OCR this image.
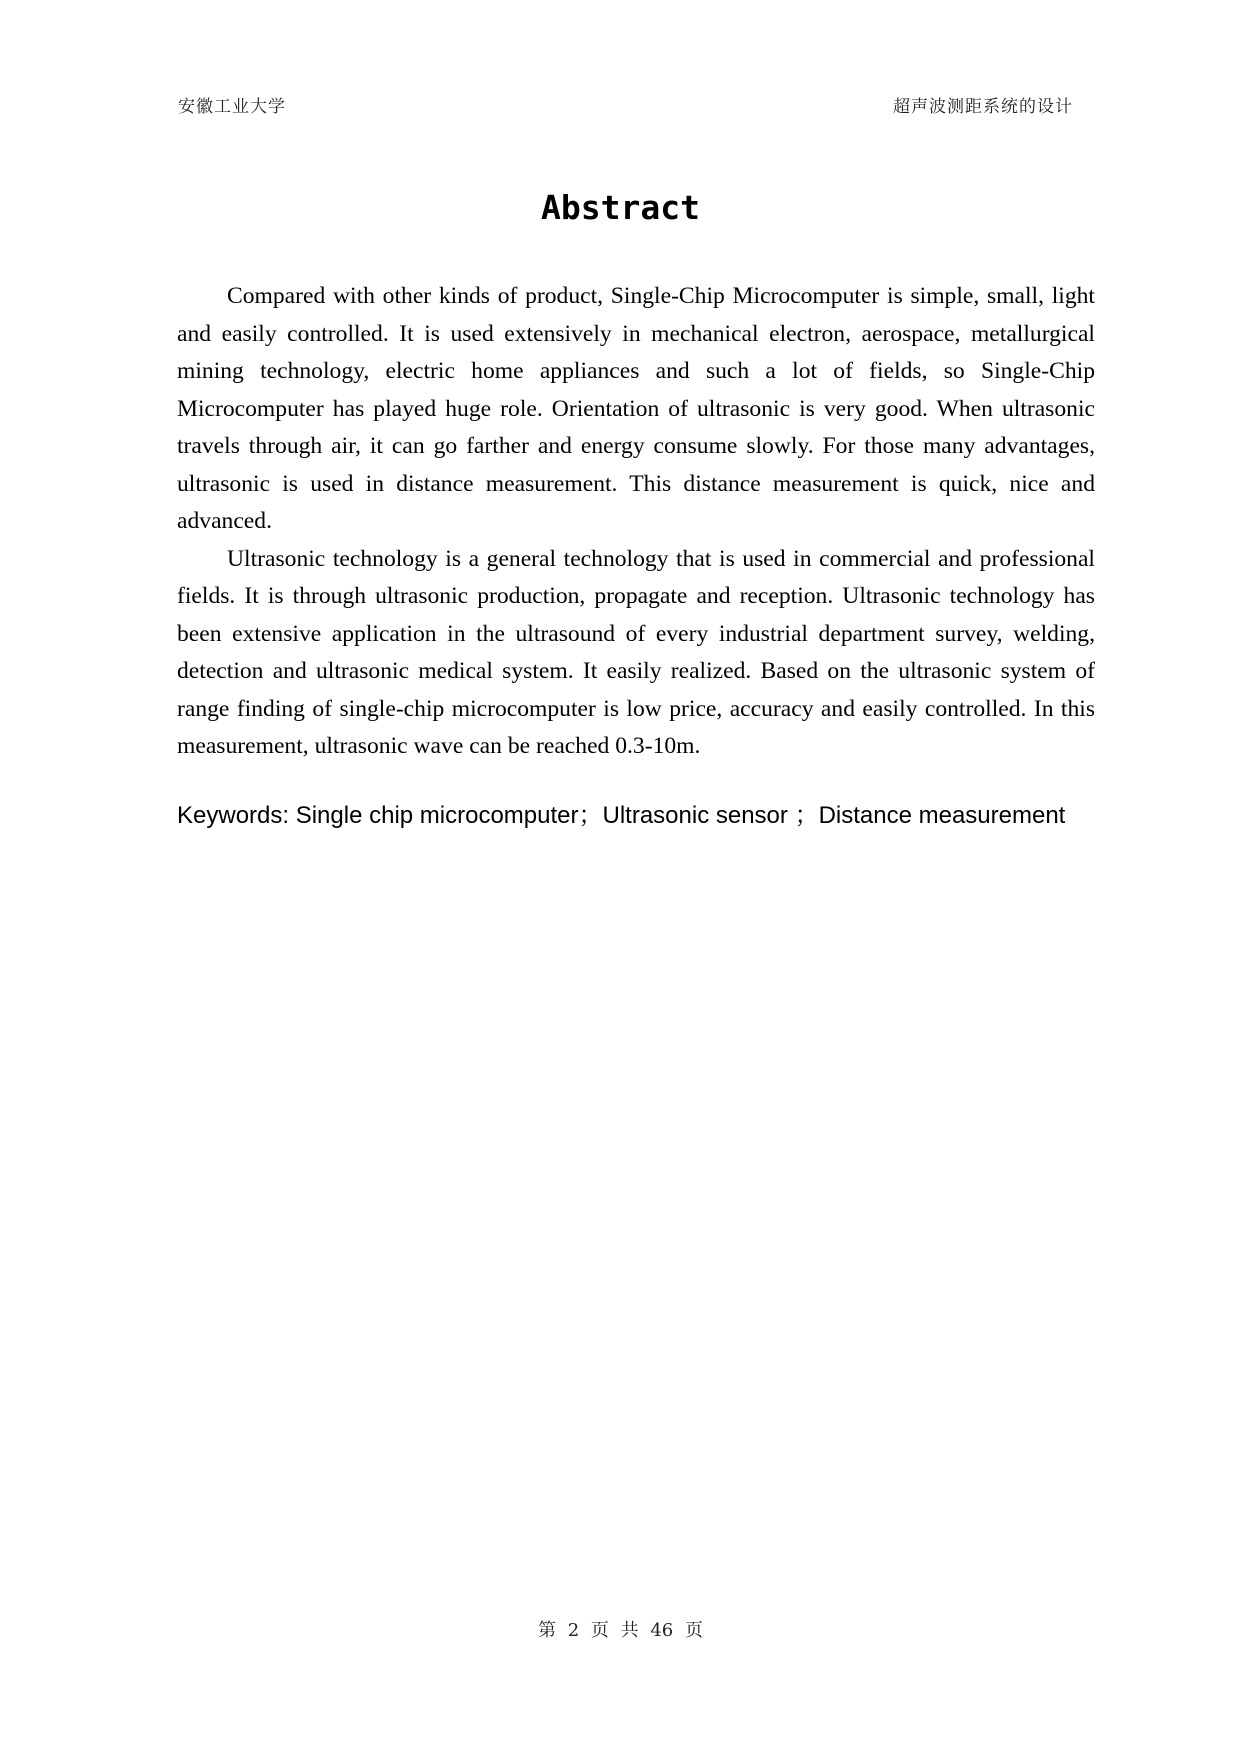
安徽工业大学	超声波测距系统的设计
Abstract

Compared with other kinds of product, Single-Chip Microcomputer is simple, small, light and easily controlled. It is used extensively in mechanical electron, aerospace, metallurgical mining technology, electric home appliances and such a lot of fields, so Single-Chip Microcomputer has played huge role. Orientation of ultrasonic is very good. When ultrasonic travels through air, it can go farther and energy consume slowly. For those many advantages, ultrasonic is used in distance measurement. This distance measurement is quick, nice and advanced.

Ultrasonic technology is a general technology that is used in commercial and professional fields. It is through ultrasonic production, propagate and reception. Ultrasonic technology has been extensive application in the ultrasound of every industrial department survey, welding, detection and ultrasonic medical system. It easily realized. Based on the ultrasonic system of range finding of single-chip microcomputer is low price, accuracy and easily controlled. In this measurement, ultrasonic wave can be reached 0.3-10m.

Keywords: Single chip microcomputer；Ultrasonic sensor ；Distance measurement
第 2 页 共 46 页
